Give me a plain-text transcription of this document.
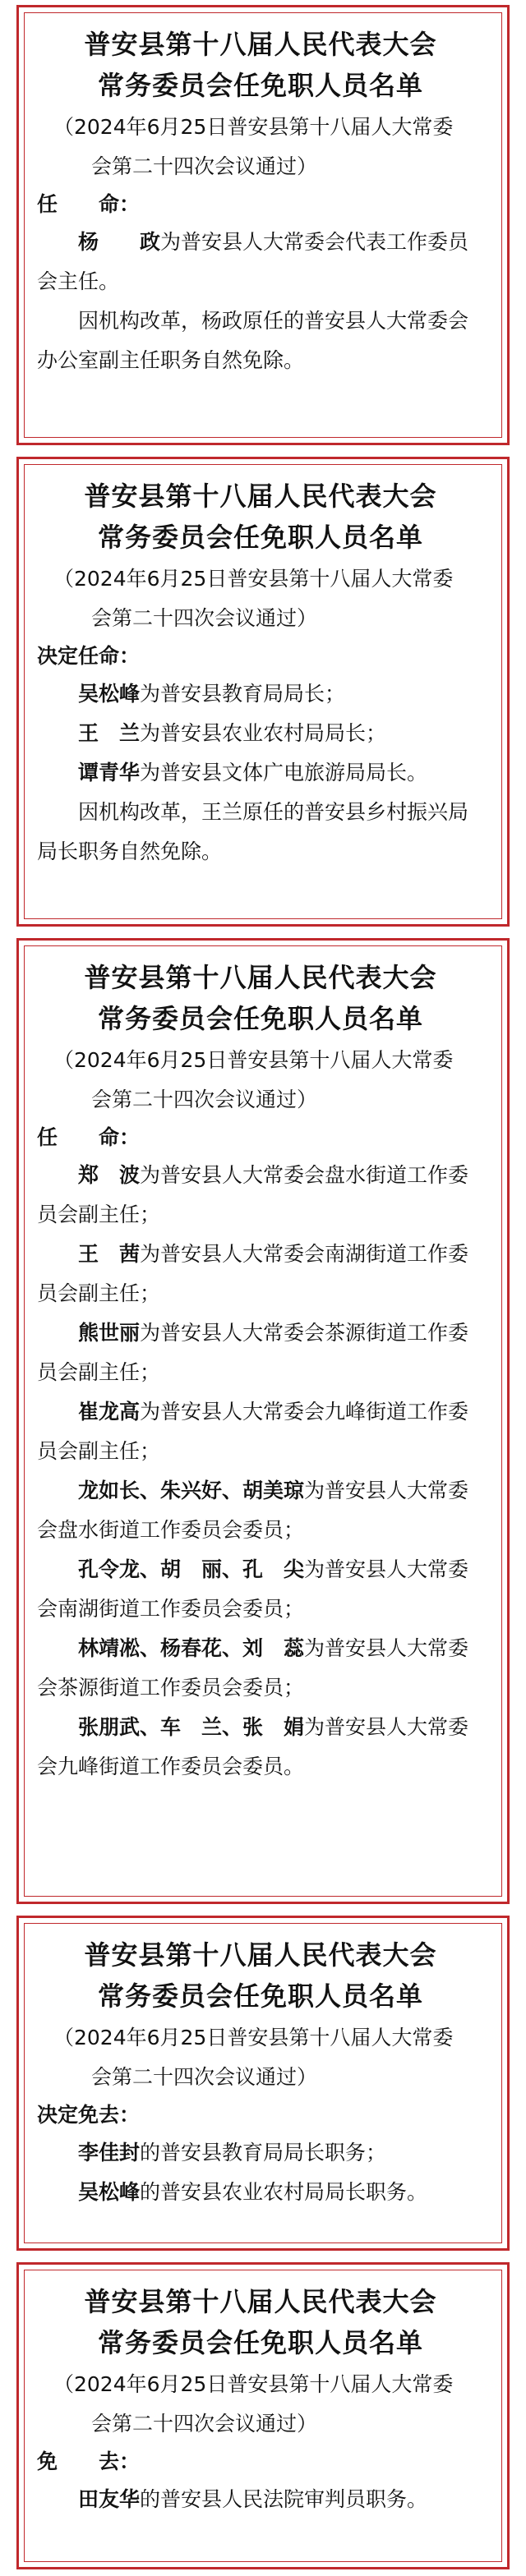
普安县第十八届人民代表大会

常务委员会任免职人员名单

（2024年6月25日普安县第十八届人大常委

会第二十四次会议通过）

任　　命：

杨　　政为普安县人大常委会代表工作委员会主任。

因机构改革，杨政原任的普安县人大常委会办公室副主任职务自然免除。

普安县第十八届人民代表大会

常务委员会任免职人员名单

（2024年6月25日普安县第十八届人大常委

会第二十四次会议通过）

决定任命：

吴松峰为普安县教育局局长；

王　兰为普安县农业农村局局长；

谭青华为普安县文体广电旅游局局长。

因机构改革，王兰原任的普安县乡村振兴局局长职务自然免除。

普安县第十八届人民代表大会

常务委员会任免职人员名单

（2024年6月25日普安县第十八届人大常委

会第二十四次会议通过）

任　　命：

郑　波为普安县人大常委会盘水街道工作委员会副主任；

王　茜为普安县人大常委会南湖街道工作委员会副主任；

熊世丽为普安县人大常委会茶源街道工作委员会副主任；

崔龙高为普安县人大常委会九峰街道工作委员会副主任；

龙如长、朱兴好、胡美琼为普安县人大常委会盘水街道工作委员会委员；

孔令龙、胡　丽、孔　尖为普安县人大常委会南湖街道工作委员会委员；

林靖凇、杨春花、刘　蕊为普安县人大常委会茶源街道工作委员会委员；

张朋武、车　兰、张　娟为普安县人大常委会九峰街道工作委员会委员。

普安县第十八届人民代表大会

常务委员会任免职人员名单

（2024年6月25日普安县第十八届人大常委

会第二十四次会议通过）

决定免去：

李佳封的普安县教育局局长职务；

吴松峰的普安县农业农村局局长职务。

普安县第十八届人民代表大会

常务委员会任免职人员名单

（2024年6月25日普安县第十八届人大常委

会第二十四次会议通过）

免　　去：

田友华的普安县人民法院审判员职务。
